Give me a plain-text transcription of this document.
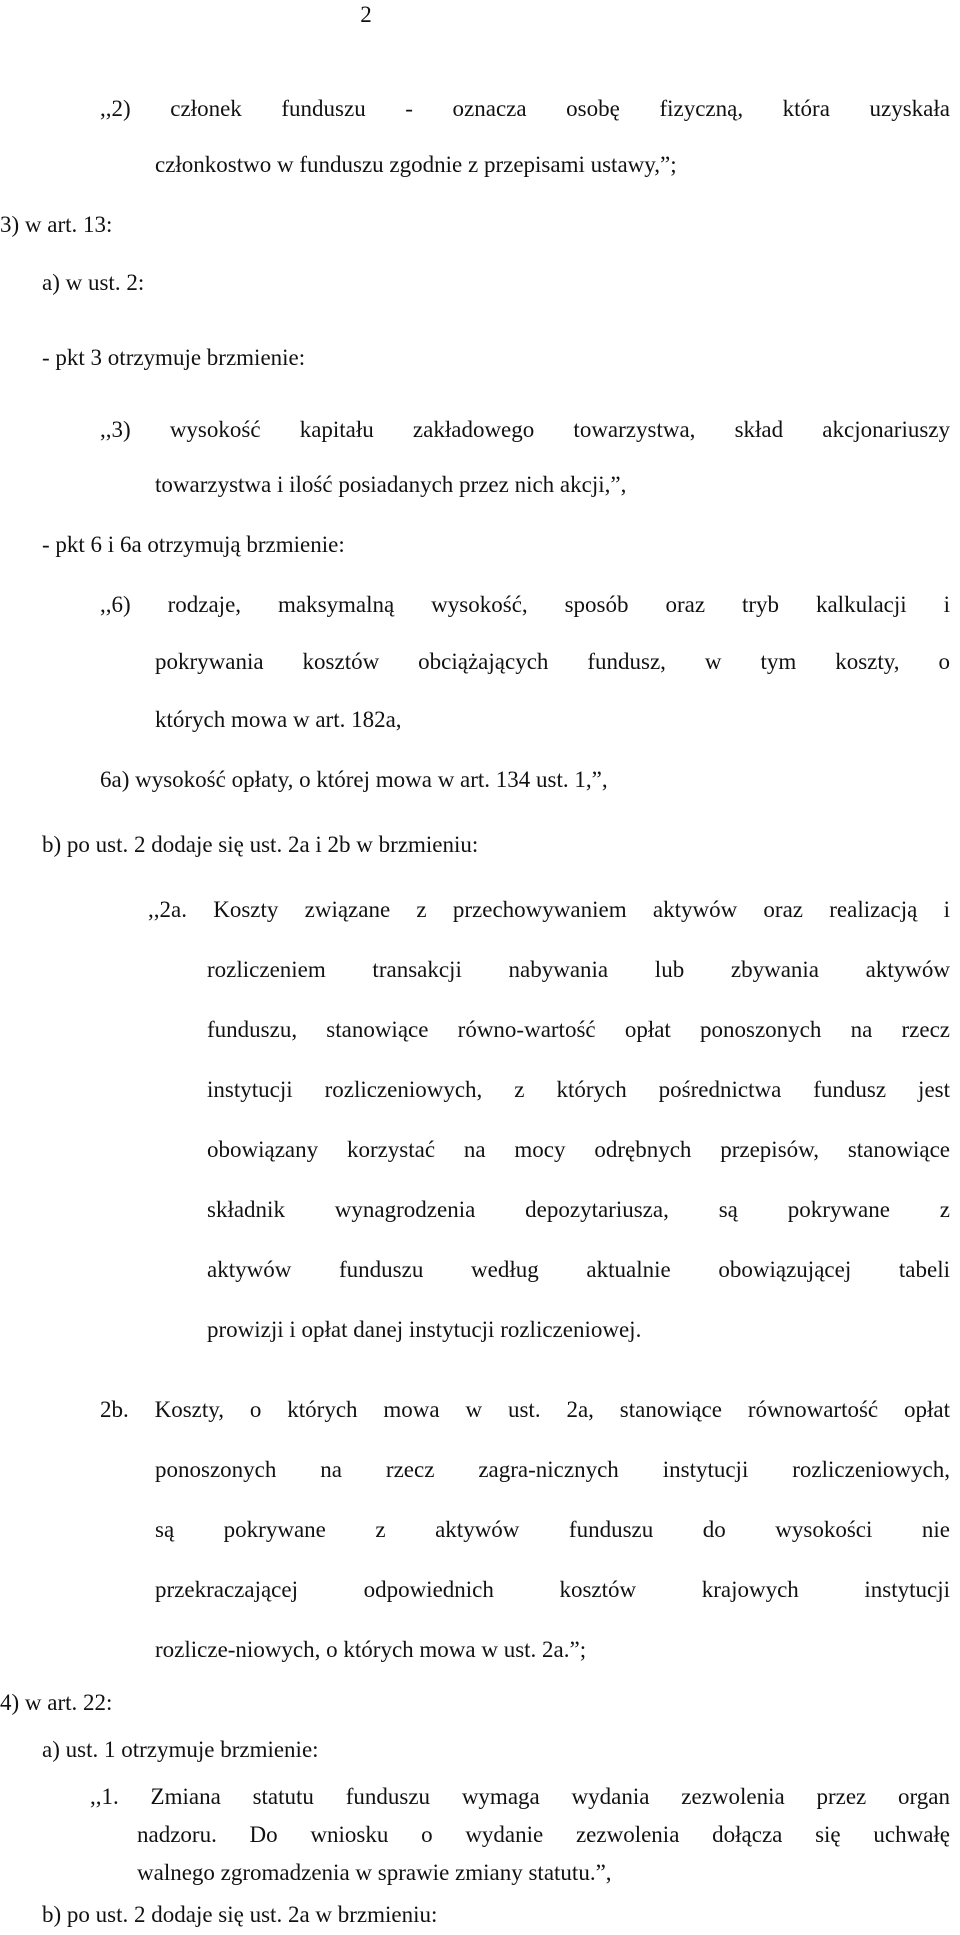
2
,,2) członek funduszu - oznacza osobę fizyczną, która uzyskała
członkostwo w funduszu zgodnie z przepisami ustawy,”;
3) w art. 13:
a) w ust. 2:
- pkt 3 otrzymuje brzmienie:
,,3) wysokość kapitału zakładowego towarzystwa, skład akcjonariuszy
towarzystwa i ilość posiadanych przez nich akcji,”,
- pkt 6 i 6a otrzymują brzmienie:
,,6) rodzaje, maksymalną wysokość, sposób oraz tryb kalkulacji i
pokrywania kosztów obciążających fundusz, w tym koszty, o
których mowa w art. 182a,
6a) wysokość opłaty, o której mowa w art. 134 ust. 1,”,
b) po ust. 2 dodaje się ust. 2a i 2b w brzmieniu:
,,2a. Koszty związane z przechowywaniem aktywów oraz realizacją i
rozliczeniem transakcji nabywania lub zbywania aktywów
funduszu, stanowiące równo-wartość opłat ponoszonych na rzecz
instytucji rozliczeniowych, z których pośrednictwa fundusz jest
obowiązany korzystać na mocy odrębnych przepisów, stanowiące
składnik wynagrodzenia depozytariusza, są pokrywane z
aktywów funduszu według aktualnie obowiązującej tabeli
prowizji i opłat danej instytucji rozliczeniowej.
2b. Koszty, o których mowa w ust. 2a, stanowiące równowartość opłat
ponoszonych na rzecz zagra-nicznych instytucji rozliczeniowych,
są pokrywane z aktywów funduszu do wysokości nie
przekraczającej odpowiednich kosztów krajowych instytucji
rozlicze-niowych, o których mowa w ust. 2a.”;
4) w art. 22:
a) ust. 1 otrzymuje brzmienie:
,,1. Zmiana statutu funduszu wymaga wydania zezwolenia przez organ
nadzoru. Do wniosku o wydanie zezwolenia dołącza się uchwałę
walnego zgromadzenia w sprawie zmiany statutu.”,
b) po ust. 2 dodaje się ust. 2a w brzmieniu:
